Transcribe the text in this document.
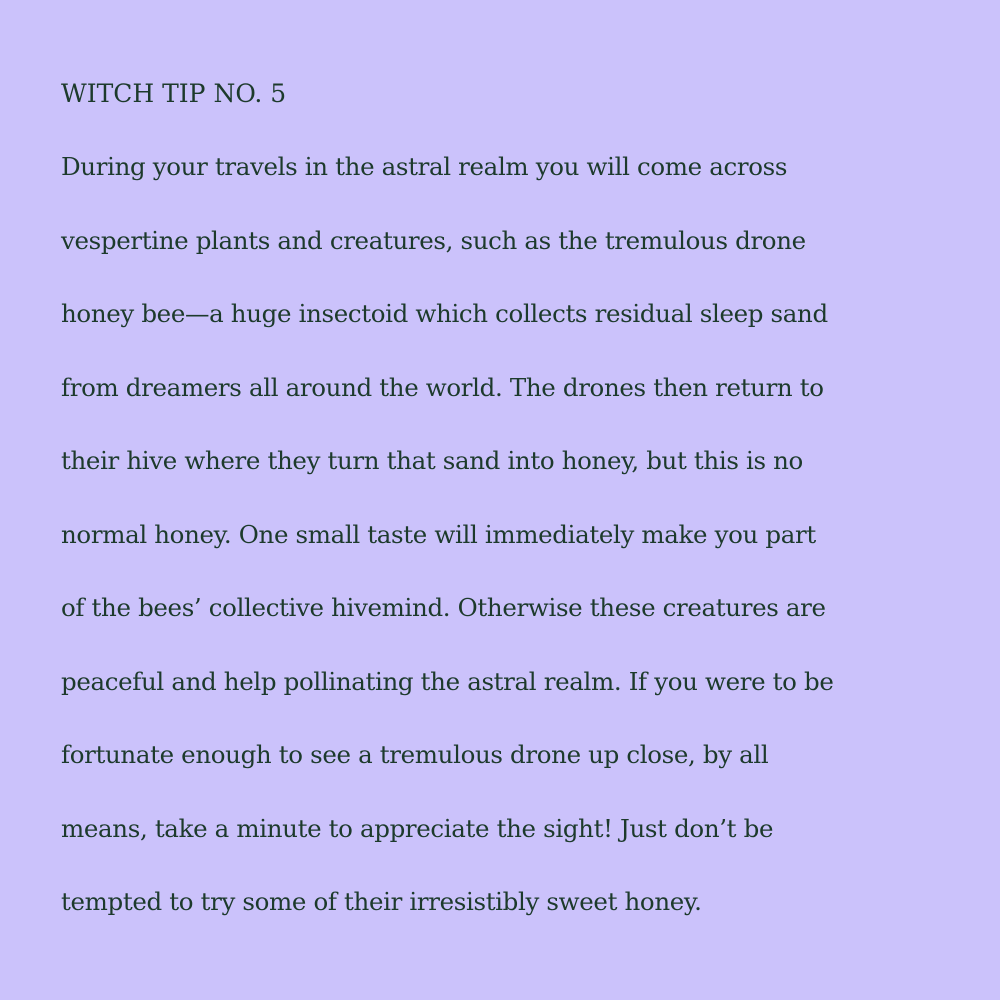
WITCH TIP NO. 5
During your travels in the astral realm you will come across
vespertine plants and creatures, such as the tremulous drone
honey bee—a huge insectoid which collects residual sleep sand
from dreamers all around the world. The drones then return to
their hive where they turn that sand into honey, but this is no
normal honey. One small taste will immediately make you part
of the bees’ collective hivemind. Otherwise these creatures are
peaceful and help pollinating the astral realm. If you were to be
fortunate enough to see a tremulous drone up close, by all
means, take a minute to appreciate the sight! Just don’t be
tempted to try some of their irresistibly sweet honey.
